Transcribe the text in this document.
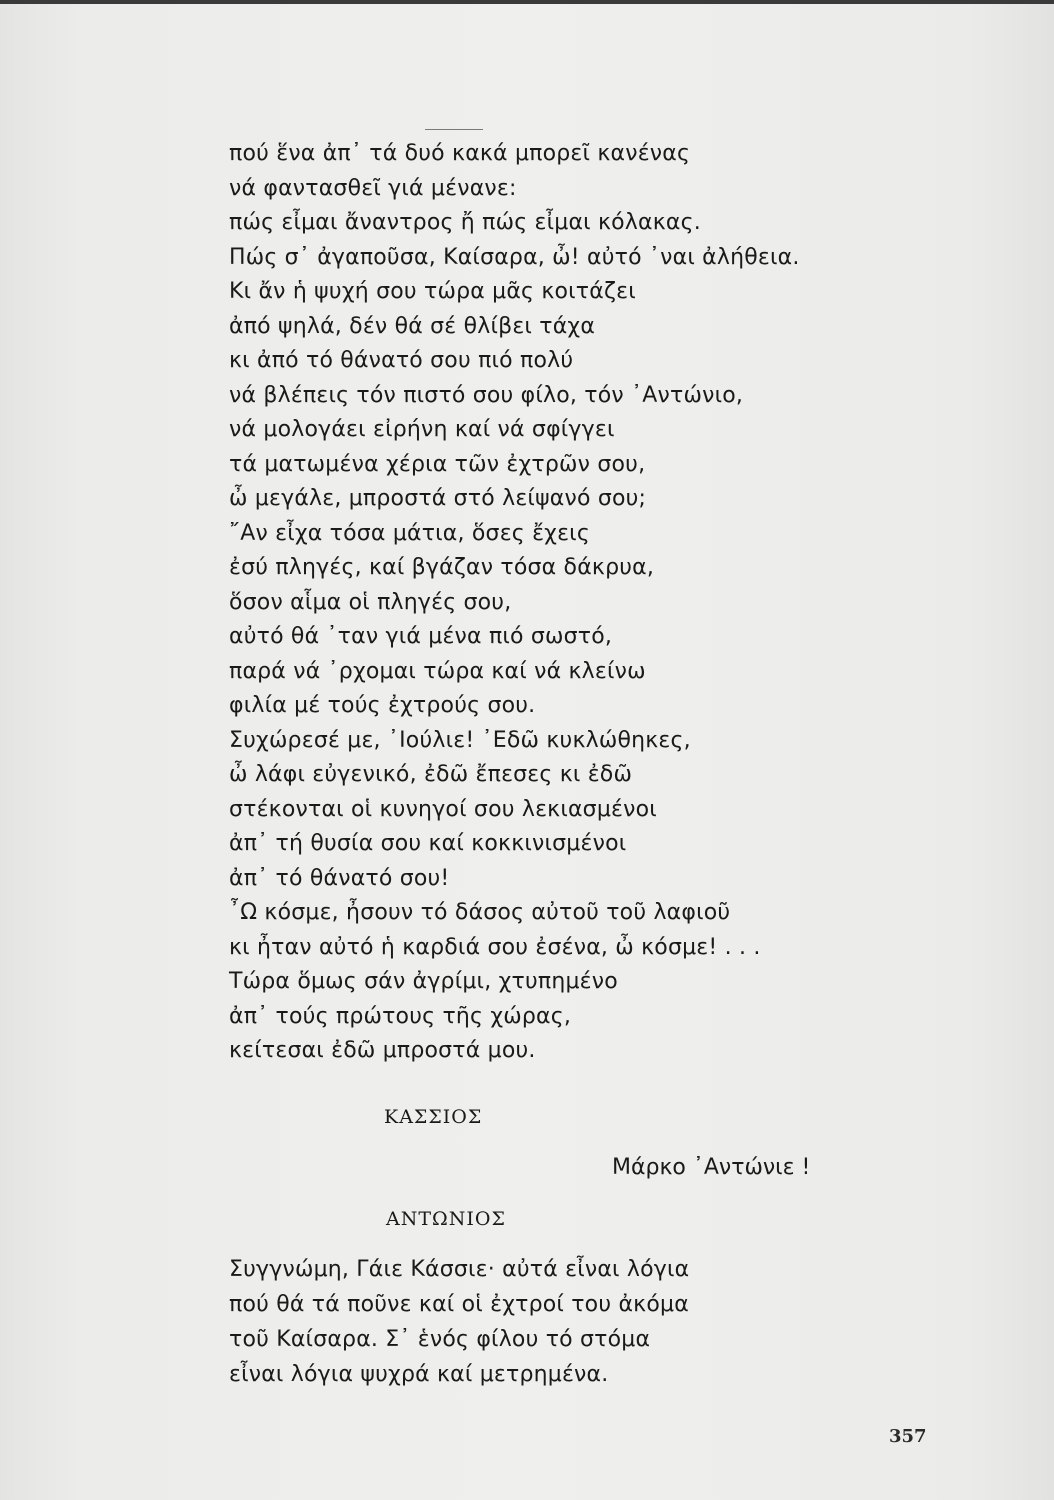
πού ἕνα ἀπ᾿ τά δυό κακά μπορεῖ κανένας
νά φαντασθεῖ γιά μένανε:
πώς εἶμαι ἄναντρος ἤ πώς εἶμαι κόλακας.
Πώς σ᾿ ἀγαποῦσα, Καίσαρα, ὦ! αὐτό ᾿ναι ἀλήθεια.
Κι ἄν ἡ ψυχή σου τώρα μᾶς κοιτάζει
ἀπό ψηλά, δέν θά σέ θλίβει τάχα
κι ἀπό τό θάνατό σου πιό πολύ
νά βλέπεις τόν πιστό σου φίλο, τόν ᾿Αντώνιο,
νά μολογάει εἰρήνη καί νά σφίγγει
τά ματωμένα χέρια τῶν ἐχτρῶν σου,
ὦ μεγάλε, μπροστά στό λείψανό σου;
῎Αν εἶχα τόσα μάτια, ὅσες ἔχεις
ἐσύ πληγές, καί βγάζαν τόσα δάκρυα,
ὅσον αἷμα οἱ πληγές σου,
αὐτό θά ᾿ταν γιά μένα πιό σωστό,
παρά νά ᾿ρχομαι τώρα καί νά κλείνω
φιλία μέ τούς ἐχτρούς σου.
Συχώρεσέ με, ᾿Ιούλιε! ᾿Εδῶ κυκλώθηκες,
ὦ λάφι εὐγενικό, ἐδῶ ἔπεσες κι ἐδῶ
στέκονται οἱ κυνηγοί σου λεκιασμένοι
ἀπ᾿ τή θυσία σου καί κοκκινισμένοι
ἀπ᾿ τό θάνατό σου!
῏Ω κόσμε, ἦσουν τό δάσος αὐτοῦ τοῦ λαφιοῦ
κι ἦταν αὐτό ἡ καρδιά σου ἐσένα, ὦ κόσμε! . . .
Τώρα ὅμως σάν ἀγρίμι, χτυπημένο
ἀπ᾿ τούς πρώτους τῆς χώρας,
κείτεσαι ἐδῶ μπροστά μου.
ΚΑΣΣΙΟΣ
Μάρκο ᾿Αντώνιε !
ΑΝΤΩΝΙΟΣ
Συγγνώμη, Γάιε Κάσσιε· αὐτά εἶναι λόγια
πού θά τά ποῦνε καί οἱ ἐχτροί του ἀκόμα
τοῦ Καίσαρα. Σ᾿ ἑνός φίλου τό στόμα
εἶναι λόγια ψυχρά καί μετρημένα.
357
